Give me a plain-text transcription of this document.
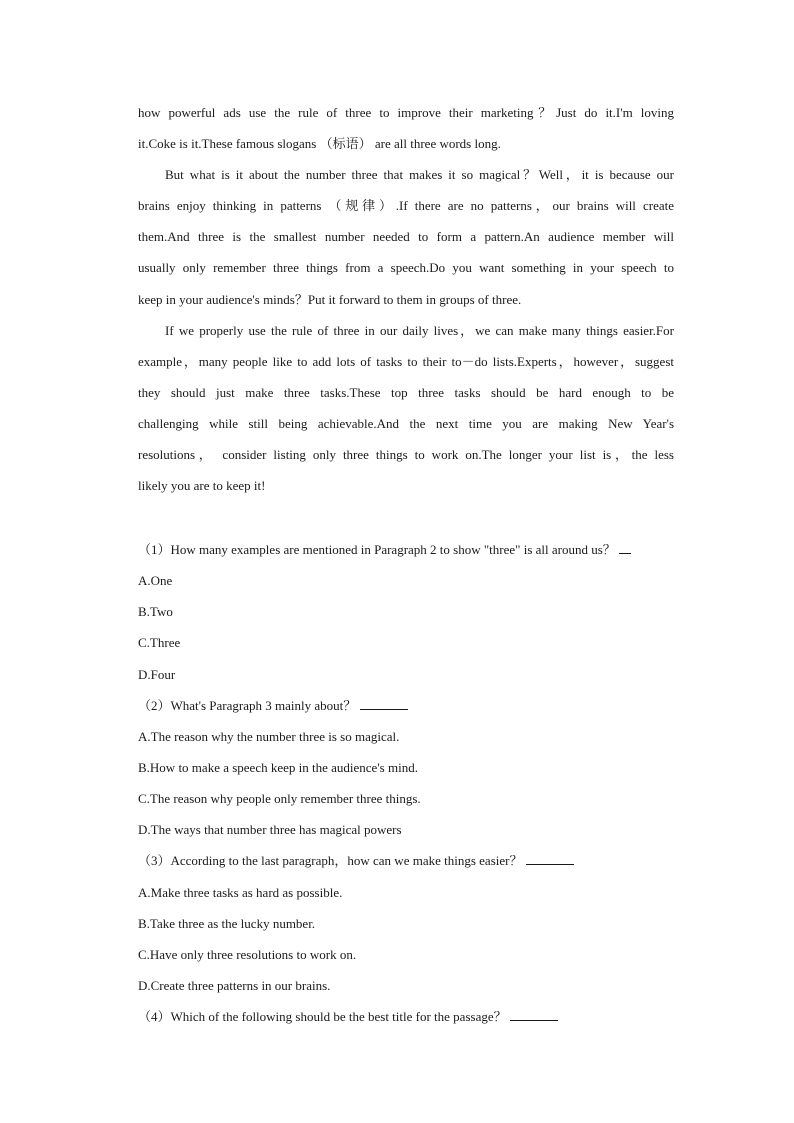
how powerful ads use the rule of three to improve their marketing？Just do it.I'm loving
it.Coke is it.These famous slogans （标语） are all three words long.
But what is it about the number three that makes it so magical？Well，it is because our
brains enjoy thinking in patterns （规律）.If there are no patterns，our brains will create
them.And three is the smallest number needed to form a pattern.An audience member will
usually only remember three things from a speech.Do you want something in your speech to
keep in your audience's minds？Put it forward to them in groups of three.
If we properly use the rule of three in our daily lives，we can make many things easier.For
example，many people like to add lots of tasks to their to－do lists.Experts，however，suggest
they should just make three tasks.These top three tasks should be hard enough to be
challenging while still being achievable.And the next time you are making New Year's
resolutions， consider listing only three things to work on.The longer your list is，the less
likely you are to keep it!
（1）How many examples are mentioned in Paragraph 2 to show "three" is all around us？
A.One
B.Two
C.Three
D.Four
（2）What's Paragraph 3 mainly about？
A.The reason why the number three is so magical.
B.How to make a speech keep in the audience's mind.
C.The reason why people only remember three things.
D.The ways that number three has magical powers
（3）According to the last paragraph，how can we make things easier？
A.Make three tasks as hard as possible.
B.Take three as the lucky number.
C.Have only three resolutions to work on.
D.Create three patterns in our brains.
（4）Which of the following should be the best title for the passage？
